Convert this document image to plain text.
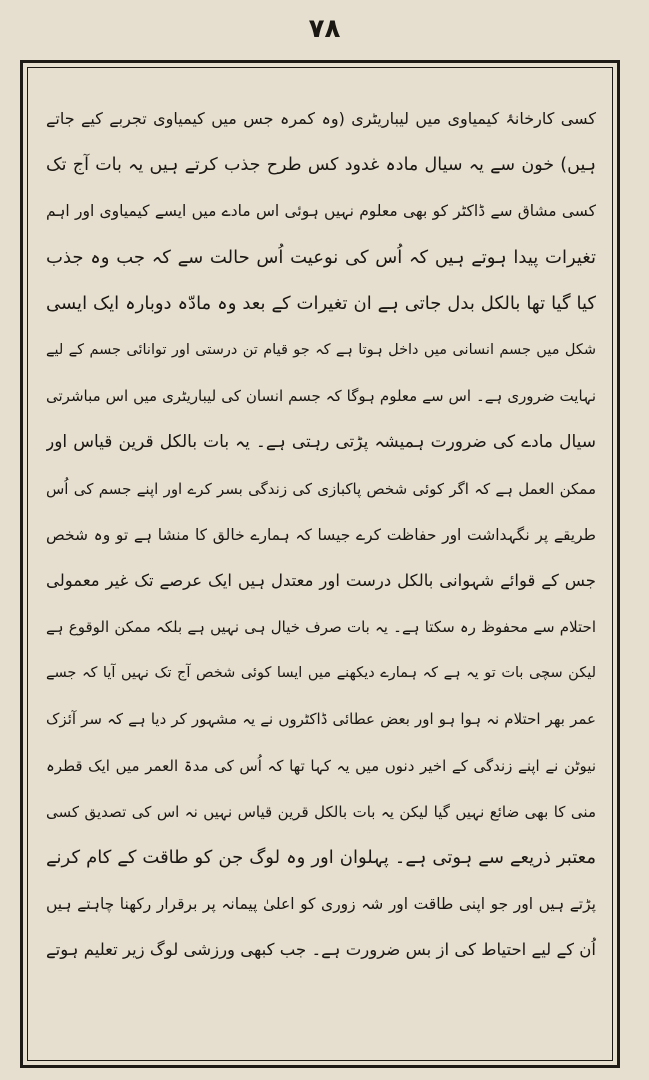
۷۸
کسی کارخانۂ کیمیاوی میں لیباریٹری (وہ کمرہ جس میں کیمیاوی تجربے کیے جاتے
ہیں) خون سے یہ سیال مادہ غدود کس طرح جذب کرتے ہیں یہ بات آج تک
کسی مشاق سے ڈاکٹر کو بھی معلوم نہیں ہوئی اس مادے میں ایسے کیمیاوی اور اہم
تغیرات پیدا ہوتے ہیں کہ اُس کی نوعیت اُس حالت سے کہ جب وہ جذب
کیا گیا تھا بالکل بدل جاتی ہے ان تغیرات کے بعد وہ مادّہ دوبارہ ایک ایسی
شکل میں جسم انسانی میں داخل ہوتا ہے کہ جو قیام تن درستی اور توانائی جسم کے لیے
نہایت ضروری ہے۔ اس سے معلوم ہوگا کہ جسم انسان کی لیباریٹری میں اس مباشرتی
سیال مادے کی ضرورت ہمیشہ پڑتی رہتی ہے۔ یہ بات بالکل قرین قیاس اور
ممکن العمل ہے کہ اگر کوئی شخص پاکبازی کی زندگی بسر کرے اور اپنے جسم کی اُس
طریقے پر نگہداشت اور حفاظت کرے جیسا کہ ہمارے خالق کا منشا ہے تو وہ شخص
جس کے قوائے شہوانی بالکل درست اور معتدل ہیں ایک عرصے تک غیر معمولی
احتلام سے محفوظ رہ سکتا ہے۔ یہ بات صرف خیال ہی نہیں ہے بلکہ ممکن الوقوع ہے
لیکن سچی بات تو یہ ہے کہ ہمارے دیکھنے میں ایسا کوئی شخص آج تک نہیں آیا کہ جسے
عمر بھر احتلام نہ ہوا ہو اور بعض عطائی ڈاکٹروں نے یہ مشہور کر دیا ہے کہ سر آئزک
نیوٹن نے اپنے زندگی کے اخیر دنوں میں یہ کہا تھا کہ اُس کی مدۃ العمر میں ایک قطرہ
منی کا بھی ضائع نہیں گیا لیکن یہ بات بالکل قرین قیاس نہیں نہ اس کی تصدیق کسی
معتبر ذریعے سے ہوتی ہے۔ پہلوان اور وہ لوگ جن کو طاقت کے کام کرنے
پڑتے ہیں اور جو اپنی طاقت اور شہ زوری کو اعلیٰ پیمانہ پر برقرار رکھنا چاہتے ہیں
اُن کے لیے احتیاط کی از بس ضرورت ہے۔ جب کبھی ورزشی لوگ زیر تعلیم ہوتے
